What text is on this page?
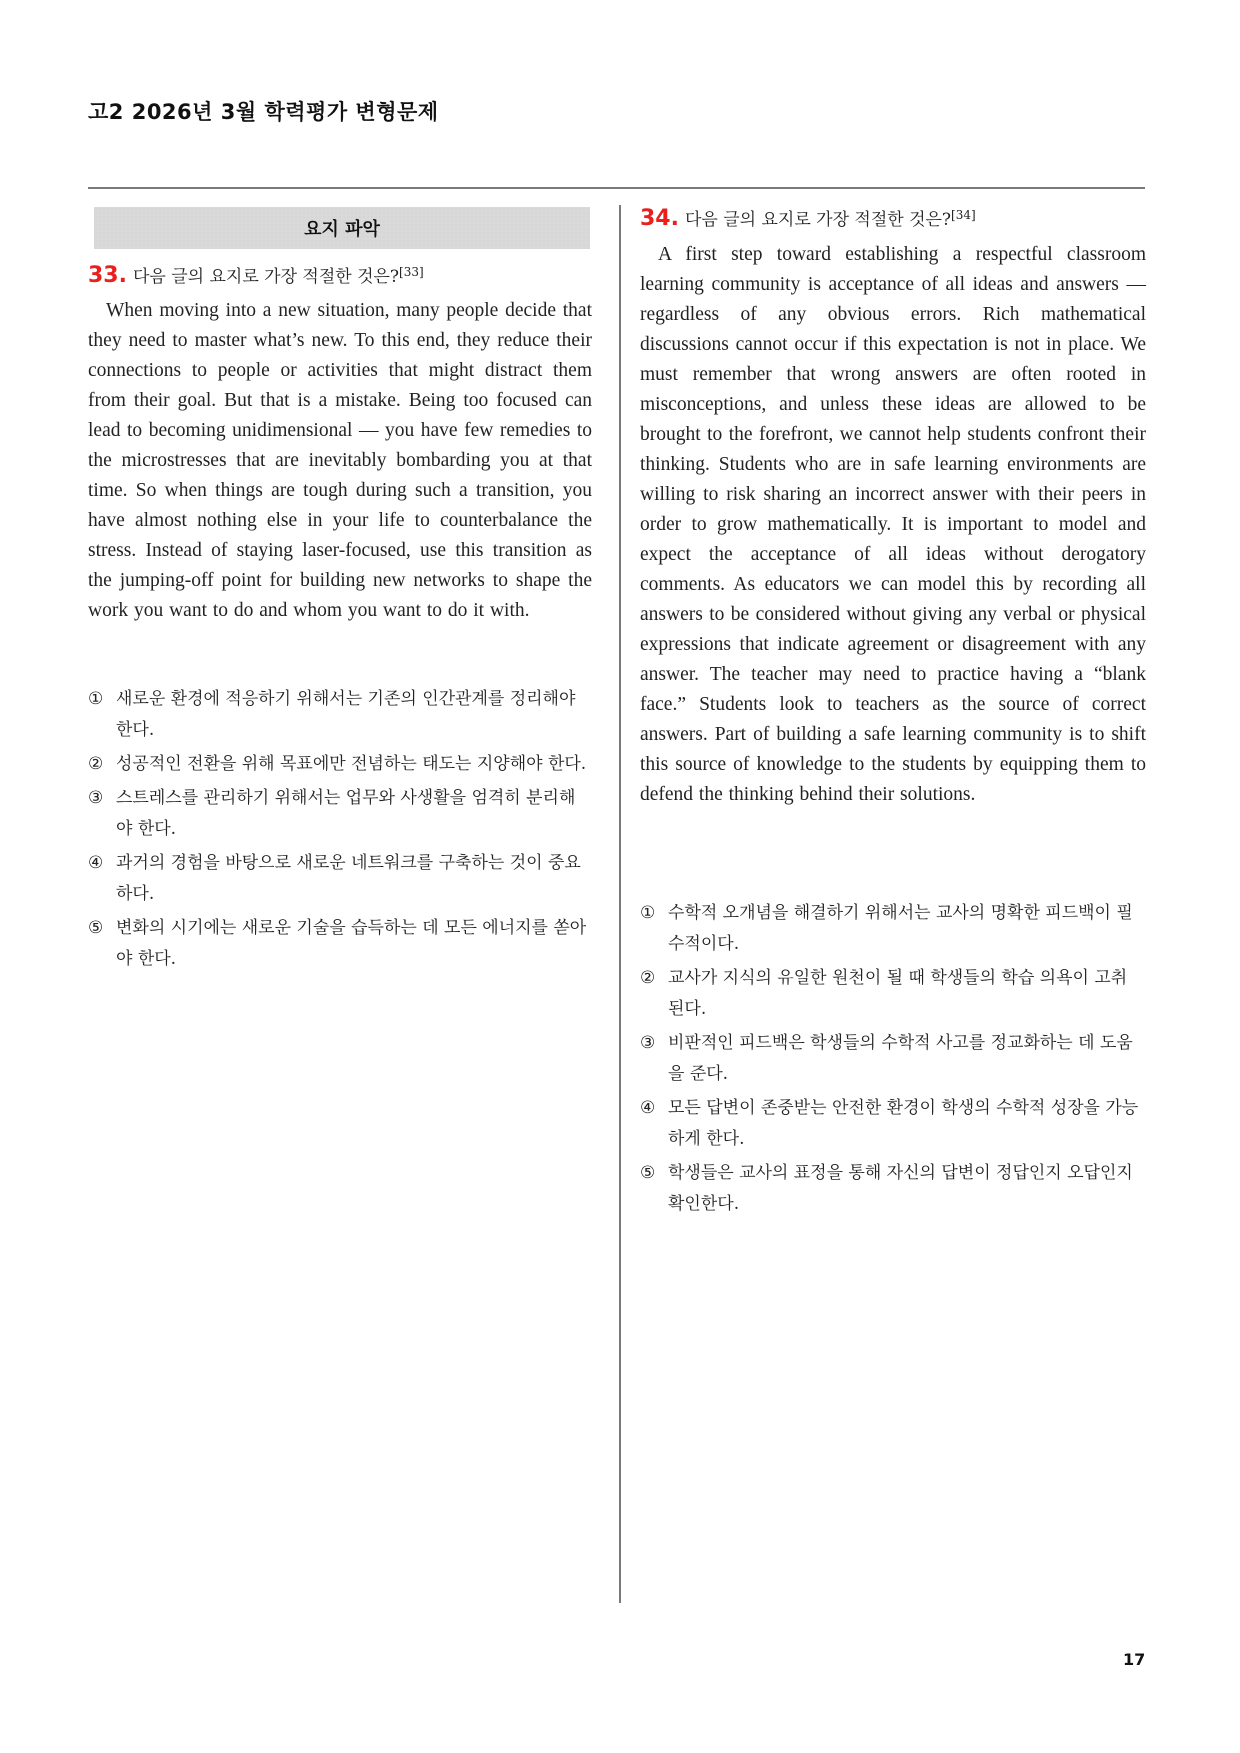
고2 2026년 3월 학력평가 변형문제
요지 파악
33. 다음 글의 요지로 가장 적절한 것은?[33]

When moving into a new situation, many people decide that they need to master what’s new. To this end, they reduce their connections to people or activities that might distract them from their goal. But that is a mistake. Being too focused can lead to becoming unidimensional — you have few remedies to the microstresses that are inevitably bombarding you at that time. So when things are tough during such a transition, you have almost nothing else in your life to counterbalance the stress. Instead of staying laser-focused, use this transition as the jumping-off point for building new networks to shape the work you want to do and whom you want to do it with.

① 새로운 환경에 적응하기 위해서는 기존의 인간관계를 정리해야 한다.
② 성공적인 전환을 위해 목표에만 전념하는 태도는 지양해야 한다.
③ 스트레스를 관리하기 위해서는 업무와 사생활을 엄격히 분리해야 한다.
④ 과거의 경험을 바탕으로 새로운 네트워크를 구축하는 것이 중요하다.
⑤ 변화의 시기에는 새로운 기술을 습득하는 데 모든 에너지를 쏟아야 한다.
34. 다음 글의 요지로 가장 적절한 것은?[34]

A first step toward establishing a respectful classroom learning community is acceptance of all ideas and answers — regardless of any obvious errors. Rich mathematical discussions cannot occur if this expectation is not in place. We must remember that wrong answers are often rooted in misconceptions, and unless these ideas are allowed to be brought to the forefront, we cannot help students confront their thinking. Students who are in safe learning environments are willing to risk sharing an incorrect answer with their peers in order to grow mathematically. It is important to model and expect the acceptance of all ideas without derogatory comments. As educators we can model this by recording all answers to be considered without giving any verbal or physical expressions that indicate agreement or disagreement with any answer. The teacher may need to practice having a “blank face.” Students look to teachers as the source of correct answers. Part of building a safe learning community is to shift this source of knowledge to the students by equipping them to defend the thinking behind their solutions.

① 수학적 오개념을 해결하기 위해서는 교사의 명확한 피드백이 필수적이다.
② 교사가 지식의 유일한 원천이 될 때 학생들의 학습 의욕이 고취된다.
③ 비판적인 피드백은 학생들의 수학적 사고를 정교화하는 데 도움을 준다.
④ 모든 답변이 존중받는 안전한 환경이 학생의 수학적 성장을 가능하게 한다.
⑤ 학생들은 교사의 표정을 통해 자신의 답변이 정답인지 오답인지 확인한다.
17
